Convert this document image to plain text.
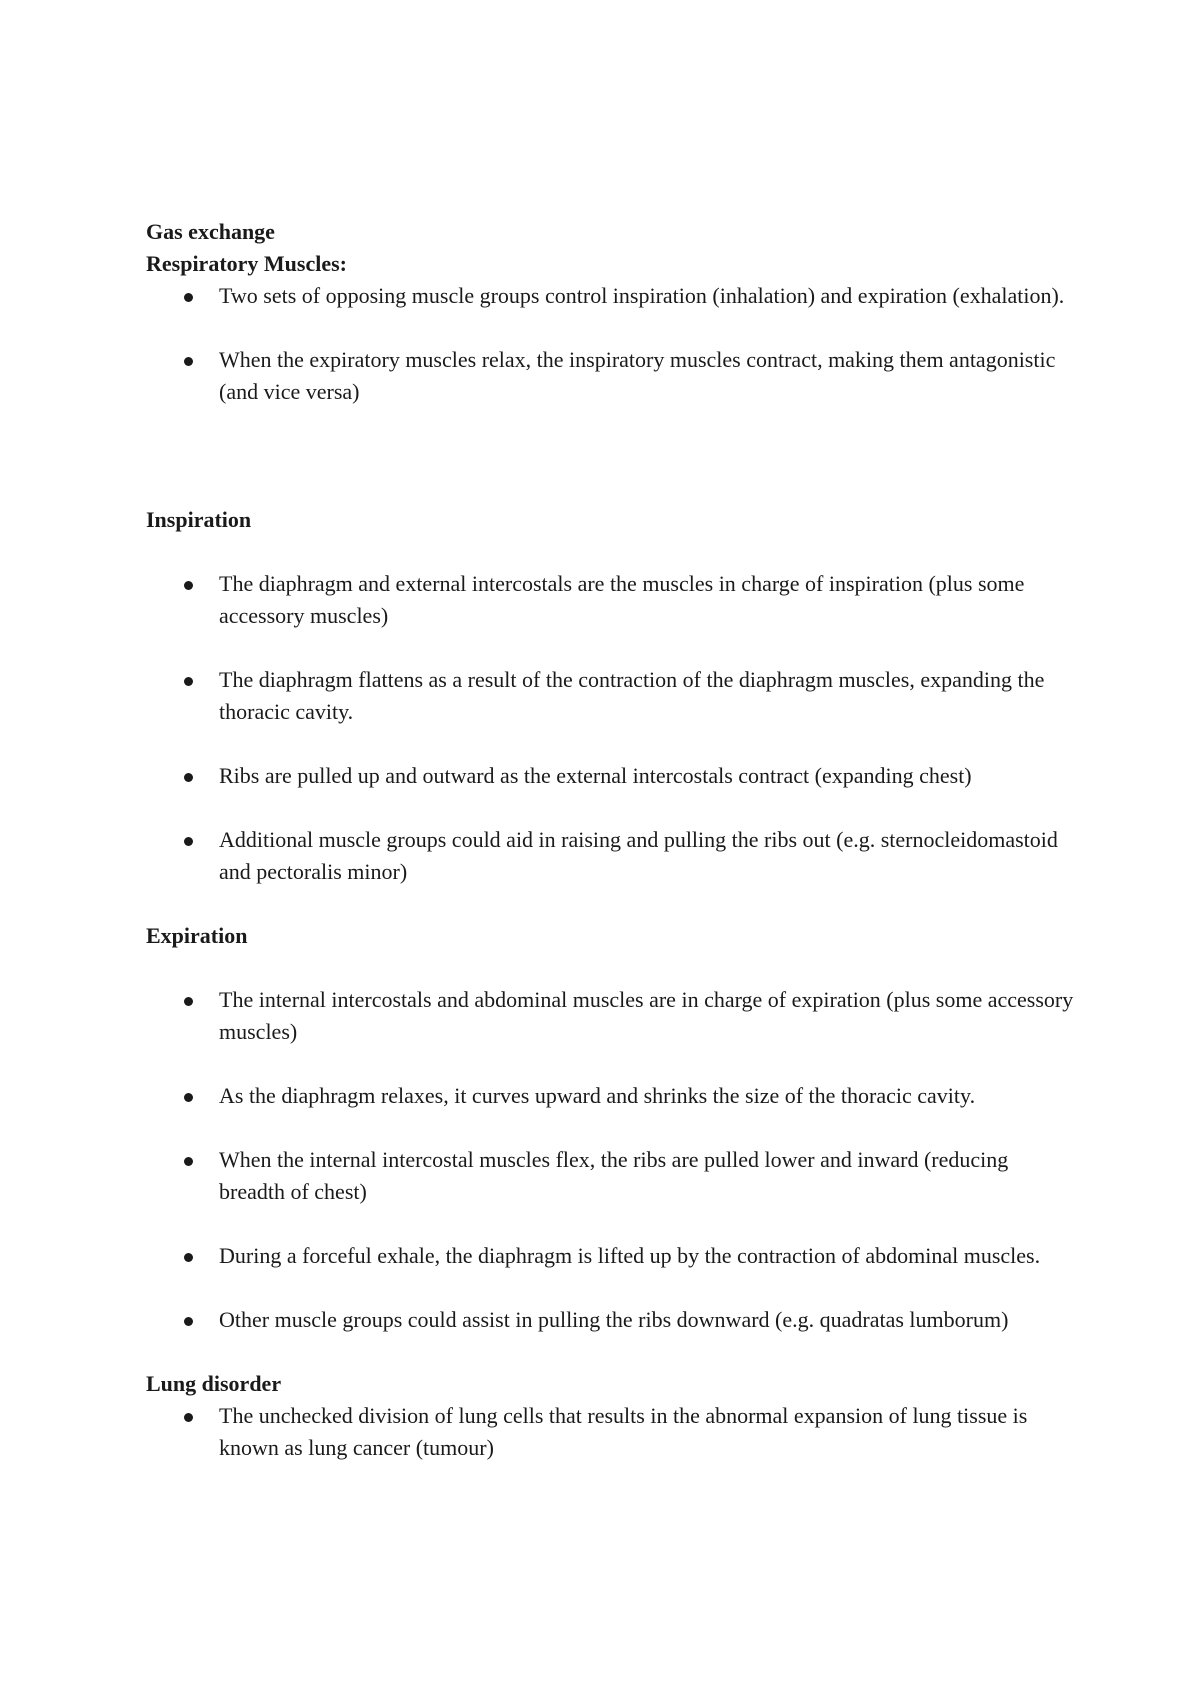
Gas exchange

Respiratory Muscles:

Two sets of opposing muscle groups control inspiration (inhalation) and expiration (exhalation).
When the expiratory muscles relax, the inspiratory muscles contract, making them antagonistic (and vice versa)

Inspiration

The diaphragm and external intercostals are the muscles in charge of inspiration (plus some accessory muscles)
The diaphragm flattens as a result of the contraction of the diaphragm muscles, expanding the thoracic cavity.
Ribs are pulled up and outward as the external intercostals contract (expanding chest)
Additional muscle groups could aid in raising and pulling the ribs out (e.g. sternocleidomastoid and pectoralis minor)

Expiration

The internal intercostals and abdominal muscles are in charge of expiration (plus some accessory muscles)
As the diaphragm relaxes, it curves upward and shrinks the size of the thoracic cavity.
When the internal intercostal muscles flex, the ribs are pulled lower and inward (reducing breadth of chest)
During a forceful exhale, the diaphragm is lifted up by the contraction of abdominal muscles.
Other muscle groups could assist in pulling the ribs downward (e.g. quadratas lumborum)

Lung disorder

The unchecked division of lung cells that results in the abnormal expansion of lung tissue is known as lung cancer (tumour)
